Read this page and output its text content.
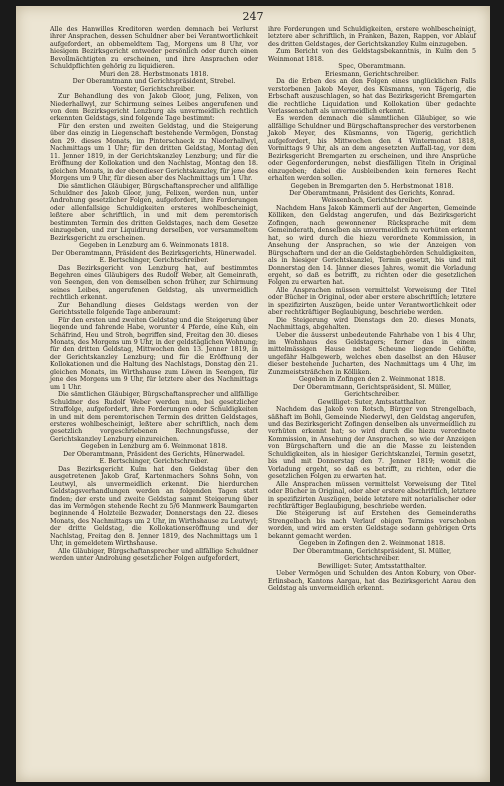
247

Alle des Hanwilles Kreditoren werden demnach bei Verlurst ihrer Ansprachen, dessen Schuldner aber bei Verantwortlichkeit aufgefordert, an obbemeldtem Tag, Morgens um 8 Uhr, vor hiesigem Bezirksgericht entweder persönlich oder durch einen Bevollmächtigten zu erscheinen, und ihre Ansprachen oder Schuldpflichten gehörig zu liquidieren.

Muri den 28. Herbstmonats 1818.

Der Oberamtmann und Gerichtspräsident, Strebel.

Vorster, Gerichtschreiber.

Zur Behandlung des von Jakob Gloor, jung, Felixen, von Niederhallwyl, zur Schirmung seines Leibes angerufenen und von dem Bezirksgericht Lenzburg als unvermeidlich rechtlich erkennten Geldstags, sind folgende Tage bestimmt:

Für den ersten und zweiten Geldstag, und die Steigerung über das einzig in Liegenschaft bestehende Vermögen, Donstag den 29. dieses Monats, im Pinterschaeck zu Niederhallwyl, Nachmittags um 1 Uhr; für den dritten Geldstag, Montag den 11. Jenner 1819, in der Gerichtskanzley Lenzburg; und für die Eröffnung der Kollokation und den Nachlstag, Montag den 18. gleichen Monats, in der ebendieser Gerichtskanzley, für jene des Morgens um 9 Uhr, für diesen aber des Nachmittags um 1 Uhr.

Die sämtlichen Gläubiger, Bürgschaftansprecher und allfällige Schuldner des Jakob Gloor, jung, Felixen, werden nun, unter Androhung gesetzlicher Folgen, aufgefordert, ihre Forderungen oder allenfallsige Schuldigkeiten ersteres wohlbescheinigt, leßtere aber schriftlich, in und mit dem peremtorisch bestimmten Termin des dritten Geldstages, nach dem Gesetze einzugeben, und zur Liquidirung derselben, vor versammeltem Bezirksgericht zu erscheinen.

Gegeben in Lenzburg am 6. Weinmonats 1818.

Der Oberamtmann, Präsident des Bezirksgerichts, Hünerwadel.

E. Bertschinger, Gerichtschreiber.

Das Bezirksgericht von Lenzburg hat, auf bestimmtes Begehren eines Gläubigers des Rudolf Weber, alt Gemeinrath, von Seengen, den von demselben schon früher, zur Schirmung seines Leibes, angerufenen Geldstag, als unvermeidlich rechtlich erkennt.

Zur Behandlung dieses Geldstags werden von der Gerichtsstelle folgende Tage anberaumt:

Für den ersten und zweiten Geldstag und die Steigerung über liegende und fahrende Habe, worunter 4 Pferde, eine Kuh, ein Schäfrind, Heu und Stroh, begriffen sind, Freitag den 30. dieses Monats, des Morgens um 9 Uhr, in der geldstäglichen Wohnung; für den dritten Geldstag, Mittwochen den 13. Jenner 1819, in der Gerichtskanzley Lenzburg; und für die Eröffnung der Kollokationen und die Haltung des Nachlstags, Donstag den 21. gleichen Monats, im Wirthshause zum Löwen in Seengen, für jene des Morgens um 9 Uhr, für letztere aber des Nachmittags um 1 Uhr.

Die sämtlichen Gläubiger, Bürgschaftansprecher und allfällige Schuldner des Rudolf Weber werden nun, bei gesetzlicher Straffolge, aufgefordert, ihre Forderungen oder Schuldigkeiten in und mit dem peremtorischen Termin des dritten Geldstages, ersteres wohlbescheinigt, leßtere aber schriftlich, nach dem gesetzlich vorgeschriebenen Rechnungsfusse, der Gerichtskanzley Lenzburg einzureichen.

Gegeben in Lenzburg am 6. Weinmonat 1818.

Der Oberamtmann, Präsident des Gerichts, Hünerwadel.

E. Bertschinger, Gerichtschreiber.

Das Bezirksgericht Kulm hat den Geldstag über den ausgetretenen Jakob Graf, Kartenmachers Sohns Sohn, von Leutwyl, als unvermeidlich erkennt. Die hierdurchen Geldstagsverhandlungen werden an folgenden Tagen statt finden; der erste und zweite Geldstag sammt Steigerung über das im Vermögen stehende Recht zu 5/6 Mannwerk Baumgarten beginnende 4 Holzteile Bezwader, Donnerstags den 22. dieses Monats, des Nachmittags um 2 Uhr, im Wirthshause zu Leutwyl; der dritte Geldstag, die Kollokationseröffnung und der Nachlstag, Freitag den 8. Jenner 1819, des Nachmittags um 1 Uhr, in gemeldetem Wirthshause.

Alle Gläubiger, Bürgschaftansprecher und allfällige Schuldner werden unter Androhung gesetzlicher Folgen aufgefordert,

ihre Forderungen und Schuldigkeiten, erstere wohlbescheinigt, letztere aber schriftlich, in Franken, Bazen, Rappen, vor Ablauf des dritten Geldstages, der Gerichtskanzley Kulm einzugeben.

Zum Bericht von des Geldstagsbekanntnis, in Kulm den 5 Weinmonat 1818.

Spec, Oberamtmann.

Eriesmann, Gerichtschreiber.

Da die Erben des an den Folgen eines unglücklichen Falls verstorbenen Jakob Meyer, des Küsmanns, von Tägerig, die Erbschaft auszuschlagen, so hat das Bezirksgericht Bremgarten die rechtliche Liquidation und Kollokation über gedachte Verlassenschaft als unvermeidlich erkennt.

Es werden demnach die sämmtlichen Gläubiger, so wie allfällige Schuldner und Bürgschaftansprecher des verstorbenen Jakob Meyer, des Küsmanns, von Tägerig, gerichtlich aufgefordert, bis Mittwochen den 4 Wintermonat 1818, Vormittags 9 Uhr, als an dem angesetzten Auffall-tag, vor dem Bezirksgericht Bremgarten zu erscheinen, und ihre Ansprüche oder Gegenforderungen, nebst diesfälligen Titeln in Original einzugeben; dabei die Ausbleibenden kein ferneres Recht erhalten werden sollen.

Gegeben in Bremgarten den 5. Herbstmonat 1818.

Der Oberamtmann, Präsident des Gerichts, Konrad.

Weissenbach, Gerichtschreiber.

Nachdem Hans Jakob Kämmerli auf der Angerten, Gemeinde Kölliken, den Geldstag angerufen, und das Bezirksgericht Zofingen, nach gewonnener Rücksprache mit dem Gemeinderath, denselben als unvermeidlich zu verhüten erkennt hat, so wird durch die hiezu verordnete Kommission, in Ansehung der Ansprachen, so wie der Anzeigen von Bürgschaftern und der an die Geldstagbehörden Schuldigkeiten, als in hiesiger Gerichtskanzlei, Termin gesetzt, bis und mit Donnerstag den 14. Jänner dieses Jahres, womit die Vorladung ergeht, so daß es betrifft, zu richten oder die gesetzlichen Folgen zu erwarten hat.

Alle Ansprachen müssen vermittelst Vorweisung der Titel oder Bücher in Original, oder aber erstere abschriftlich; letztere in spezifizirten Auszügen, beide unter Verantwortlichkeit oder aber rechtkräftiger Beglaubigung, beschriebe werden.

Die Steigerung wird Dienstags den 20. dieses Monats, Nachmittags, abgehalten.

Ueber die äusserst unbedeutende Fahrhabe von 1 bis 4 Uhr, im Wohnhaus des Geldstagers; ferner das in einem mittelmässigen Hause nebst Scheune liegende Gehöfte, ungefähr Halbgewerb, welches eben daselbst an den Häuser dieser bestehende Jucharten, des Nachmittags um 4 Uhr, im Zunzmeiststräßchen in Kölliken.

Gegeben in Zofingen den 2. Weinmonat 1818.

Der Oberamtmann, Gerichtspräsident, Sl. Müller, Gerichtschreiber.

Gewilliget: Suter, Amtsstatthalter.

Nachdem das Jakob von Rotsch, Bürger von Strengelbach, säßhaft im Bohli, Gemeinde Niederwyl, den Geldstag angerufen, und das Bezirksgericht Zofingen denselben als unvermeidlich zu verhüten erkennt hat; so wird durch die hiezu verordnete Kommission, in Ansehung der Ansprachen, so wie der Anzeigen von Bürgschaftern und die an die Masse zu leistenden Schuldigkeiten, als in hiesiger Gerichtskanzlei, Termin gesetzt, bis und mit Donnerstag den 7. Jenner 1819; womit die Vorladung ergeht, so daß es betrifft, zu richten, oder die gesetzlichen Folgen zu erwarten hat.

Alle Ansprachen müssen vermittelst Vorweisung der Titel oder Bücher in Original, oder aber erstere abschriftlich, letztere in spezifizirten Auszügen, beide letztere mit notarialischer oder rechtkräftiger Beglaubigung, beschriebe werden.

Die Steigerung ist auf Erstehen des Gemeinderaths Strengelbach bis nach Verlauf obigen Termins verschoben worden, und wird am ersten Geldstage sodann gehörigen Orts bekannt gemacht werden.

Gegeben in Zofingen den 2. Weinmonat 1818.

Der Oberamtmann, Gerichtspräsident, Sl. Müller, Gerichtschreiber.

Bewilliget: Suter, Amtsstatthalter.

Ueber Vermögen und Schulden des Anton Kobury, von Ober-Erlinsbach, Kantons Aargau, hat das Bezirksgericht Aarau den Geldstag als unvermeidlich erkennt.
